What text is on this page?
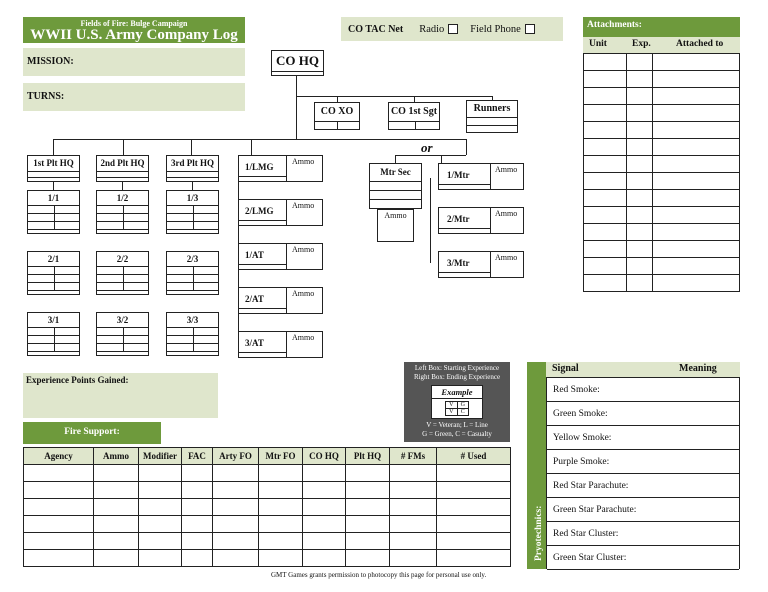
Fields of Fire: Bulge Campaign
WWII U.S. Army Company Log
MISSION:
TURNS:
CO TAC Net Radio Field Phone	Attachments:
Unit	Exp.	Attached to

or
CO HQ
CO XO	CO 1st Sgt	Runners
1st Plt HQ	2nd Plt HQ	3rd Plt HQ
1/1
2/1
3/1
1/2
2/2
3/2
1/3
2/3
3/3
1/LMG
Ammo
2/LMG
Ammo
1/AT
Ammo
2/AT
Ammo
3/AT
Ammo
Mtr Sec
Ammo
1/Mtr
Ammo
2/Mtr
Ammo
3/Mtr
Ammo
Experience Points Gained:
Left Box: Starting Experience
Right Box: Ending Experience
Example
V	G
V	C
V = Veteran; L = Line
G = Green, C = Casualty
Fire Support:
Agency	Ammo	Modifier	FAC	Arty FO	Mtr FO	CO HQ	Plt HQ	# FMs	# Used

Pryotechnics:
Signal	Meaning
Red Smoke:
Green Smoke:
Yellow Smoke:
Purple Smoke:
Red Star Parachute:
Green Star Parachute:
Red Star Cluster:
Green Star Cluster:
GMT Games grants permission to photocopy this page for personal use only.
